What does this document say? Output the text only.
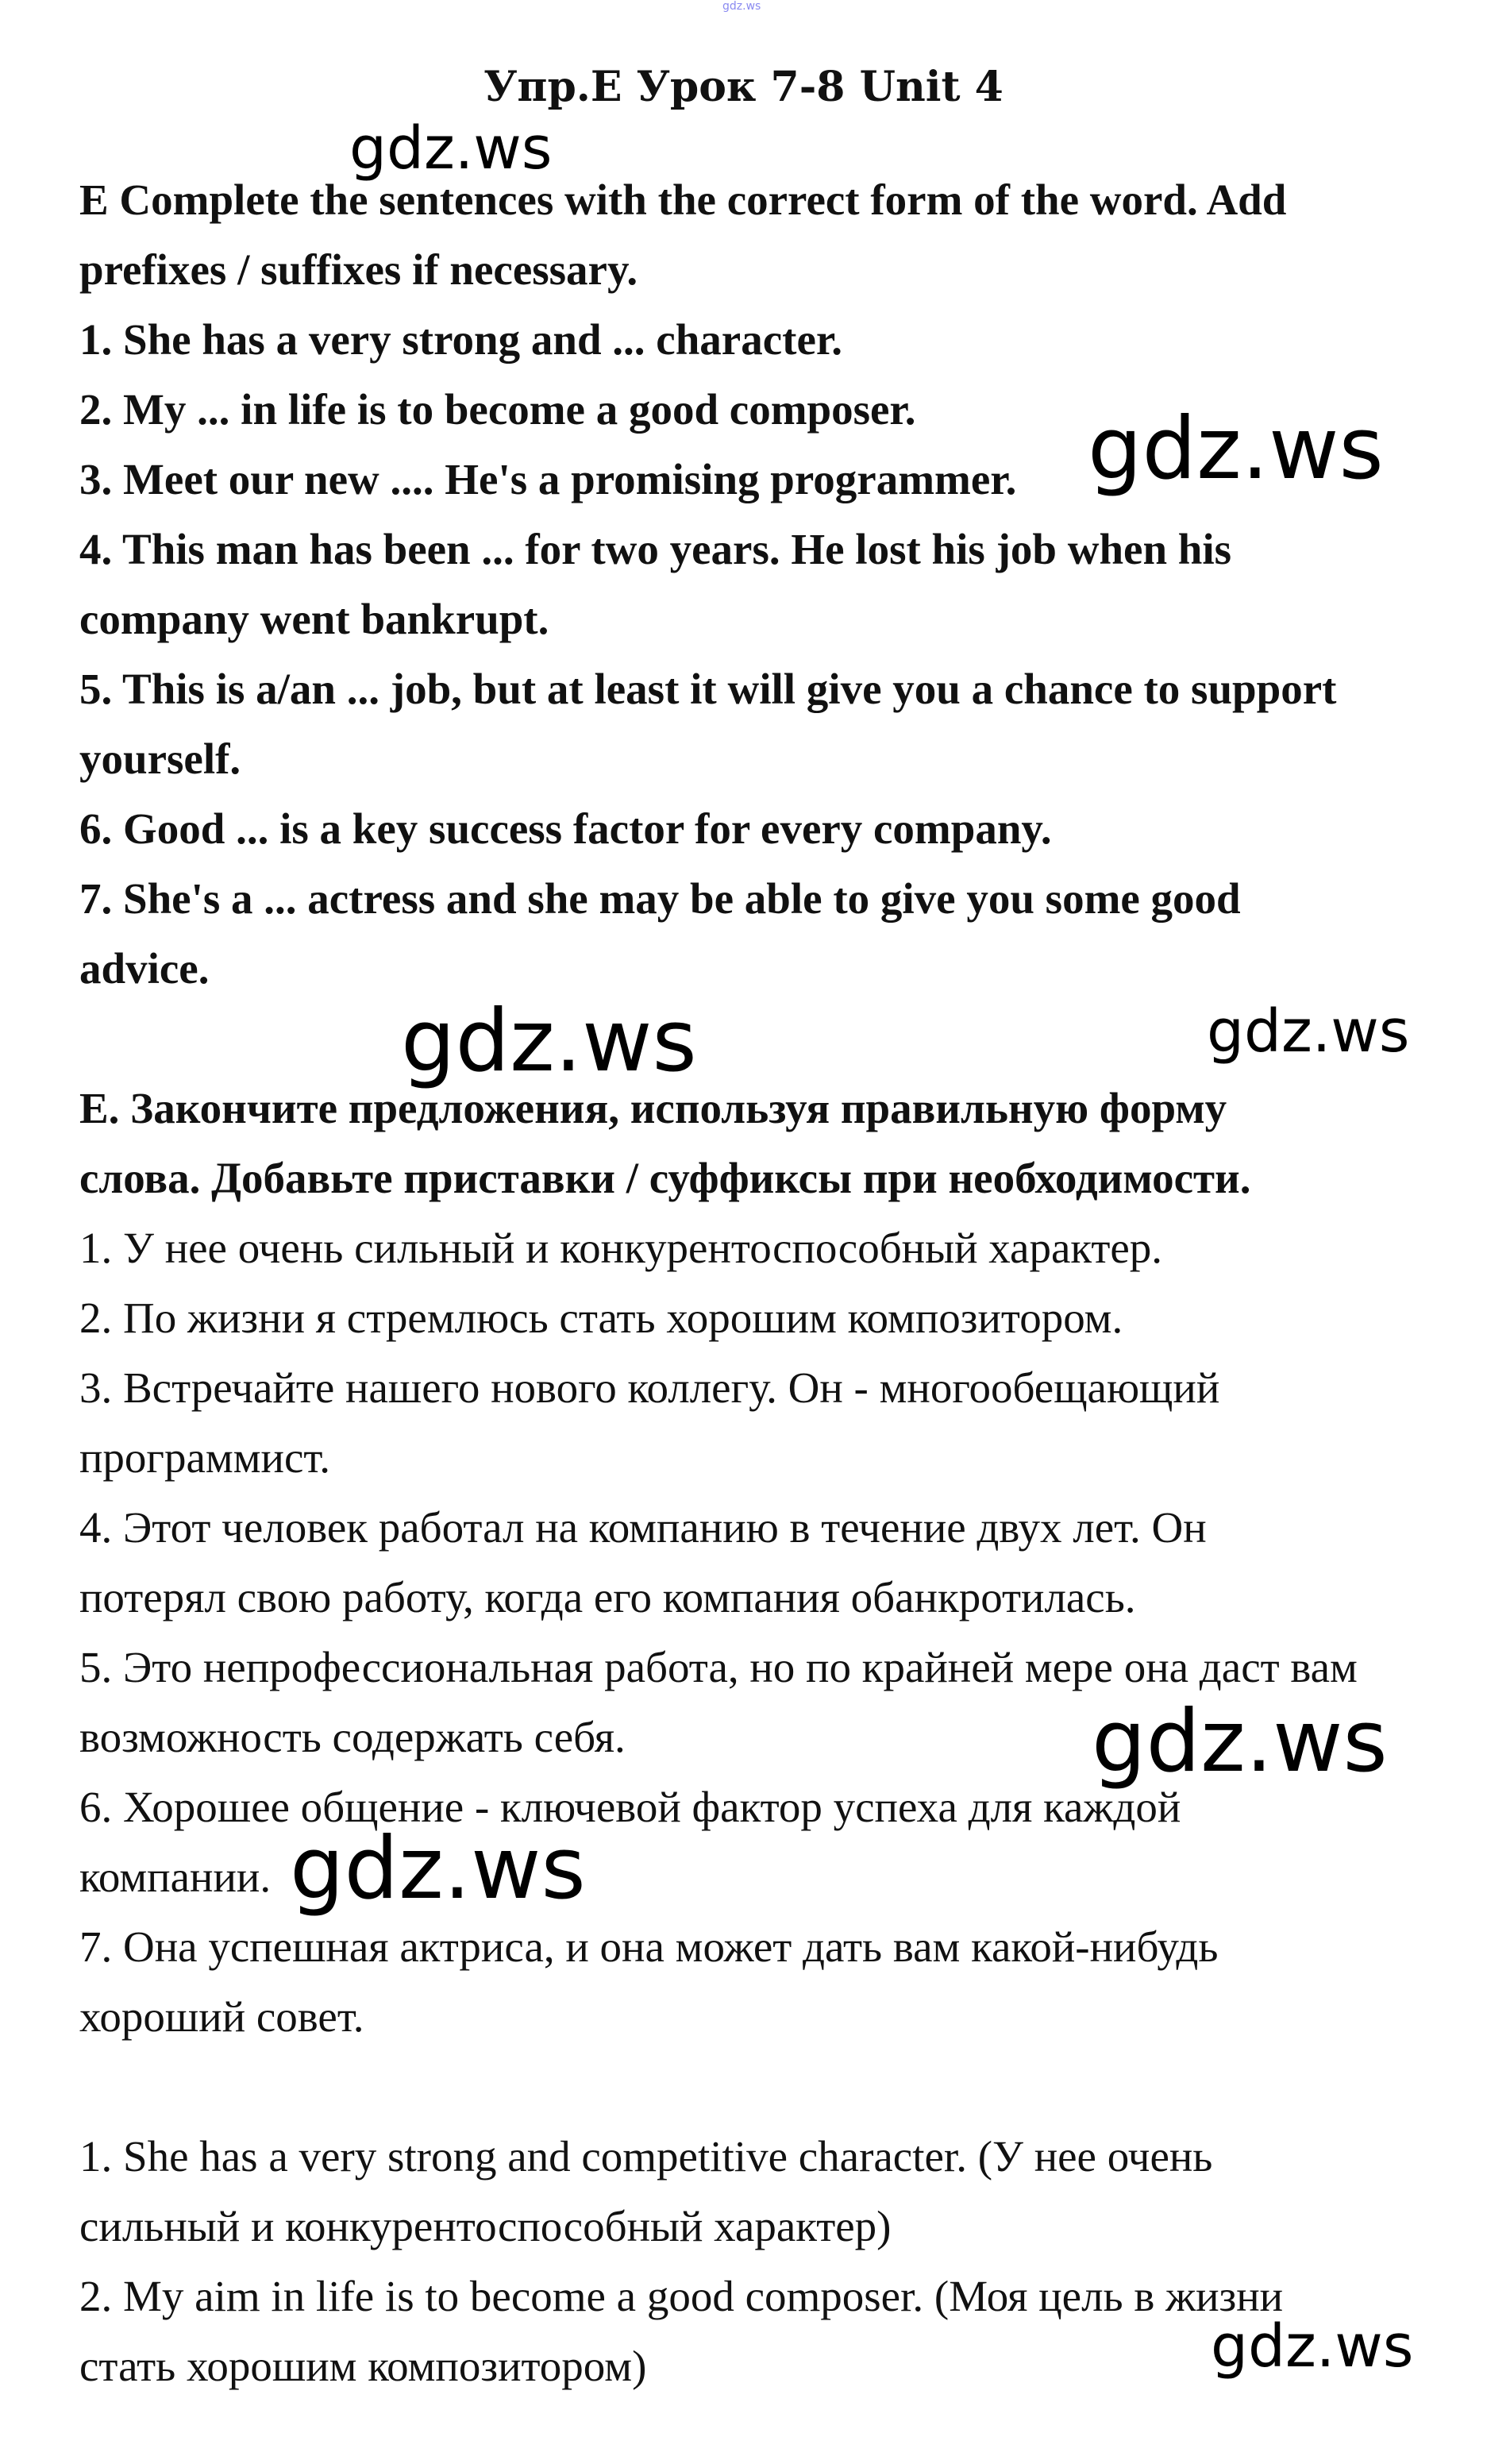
gdz.ws
Упр.E Урок 7-8 Unit 4
E Complete the sentences with the correct form of the word. Add
prefixes / suffixes if necessary.
1. She has a very strong and ... character.
2. My ... in life is to become a good composer.
3. Meet our new .... He's a promising programmer.
4. This man has been ... for two years. He lost his job when his
company went bankrupt.
5. This is a/an ... job, but at least it will give you a chance to support
yourself.
6. Good ... is a key success factor for every company.
7. She's a ... actress and she may be able to give you some good
advice.
E. Закончите предложения, используя правильную форму
слова. Добавьте приставки / суффиксы при необходимости.
1. У нее очень сильный и конкурентоспособный характер.
2. По жизни я стремлюсь стать хорошим композитором.
3. Встречайте нашего нового коллегу. Он - многообещающий
программист.
4. Этот человек работал на компанию в течение двух лет. Он
потерял свою работу, когда его компания обанкротилась.
5. Это непрофессиональная работа, но по крайней мере она даст вам
возможность содержать себя.
6. Хорошее общение - ключевой фактор успеха для каждой
компании.
7. Она успешная актриса, и она может дать вам какой-нибудь
хороший совет.
1. She has a very strong and competitive character. (У нее очень
сильный и конкурентоспособный характер)
2. My aim in life is to become a good composer. (Моя цель в жизни
стать хорошим композитором)
gdz.ws
gdz.ws
gdz.ws	gdz.ws
gdz.ws
gdz.ws
gdz.ws
